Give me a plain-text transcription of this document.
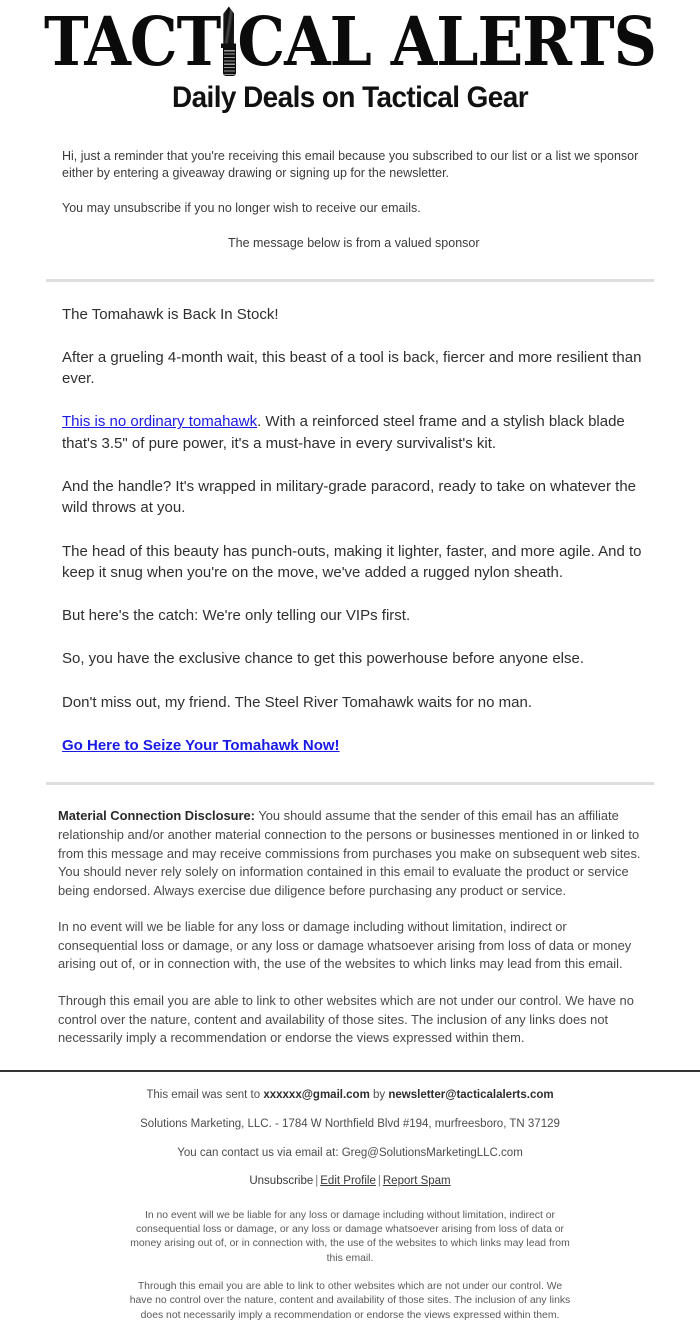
TACT CAL ALERTS
Daily Deals on Tactical Gear

Hi, just a reminder that you're receiving this email because you subscribed to our list or a list we sponsor either by entering a giveaway drawing or signing up for the newsletter.

You may unsubscribe if you no longer wish to receive our emails.

The message below is from a valued sponsor

The Tomahawk is Back In Stock!

After a grueling 4-month wait, this beast of a tool is back, fiercer and more resilient than ever.

This is no ordinary tomahawk. With a reinforced steel frame and a stylish black blade that's 3.5" of pure power, it's a must-have in every survivalist's kit.

And the handle? It's wrapped in military-grade paracord, ready to take on whatever the wild throws at you.

The head of this beauty has punch-outs, making it lighter, faster, and more agile. And to keep it snug when you're on the move, we've added a rugged nylon sheath.

But here's the catch: We're only telling our VIPs first.

So, you have the exclusive chance to get this powerhouse before anyone else.

Don't miss out, my friend. The Steel River Tomahawk waits for no man.

Go Here to Seize Your Tomahawk Now!

Material Connection Disclosure: You should assume that the sender of this email has an affiliate relationship and/or another material connection to the persons or businesses mentioned in or linked to from this message and may receive commissions from purchases you make on subsequent web sites. You should never rely solely on information contained in this email to evaluate the product or service being endorsed. Always exercise due diligence before purchasing any product or service.

In no event will we be liable for any loss or damage including without limitation, indirect or consequential loss or damage, or any loss or damage whatsoever arising from loss of data or money arising out of, or in connection with, the use of the websites to which links may lead from this email.

Through this email you are able to link to other websites which are not under our control. We have no control over the nature, content and availability of those sites. The inclusion of any links does not necessarily imply a recommendation or endorse the views expressed within them.

This email was sent to xxxxxx@gmail.com by newsletter@tacticalalerts.com

Solutions Marketing, LLC. - 1784 W Northfield Blvd #194, murfreesboro, TN 37129

You can contact us via email at: Greg@SolutionsMarketingLLC.com

Unsubscribe | Edit Profile | Report Spam

In no event will we be liable for any loss or damage including without limitation, indirect or consequential loss or damage, or any loss or damage whatsoever arising from loss of data or money arising out of, or in connection with, the use of the websites to which links may lead from this email.

Through this email you are able to link to other websites which are not under our control. We have no control over the nature, content and availability of those sites. The inclusion of any links does not necessarily imply a recommendation or endorse the views expressed within them.
